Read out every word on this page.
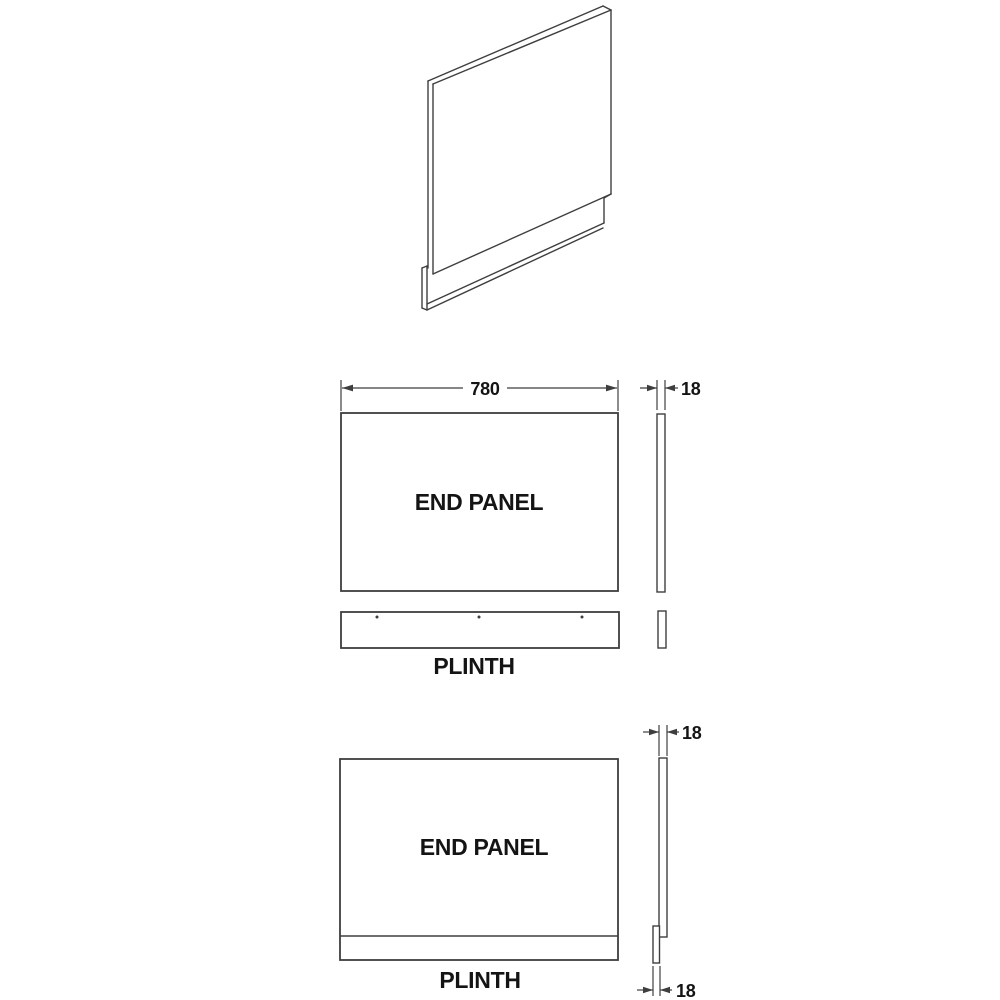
780
END PANEL
18
PLINTH
18
END PANEL
PLINTH	18
